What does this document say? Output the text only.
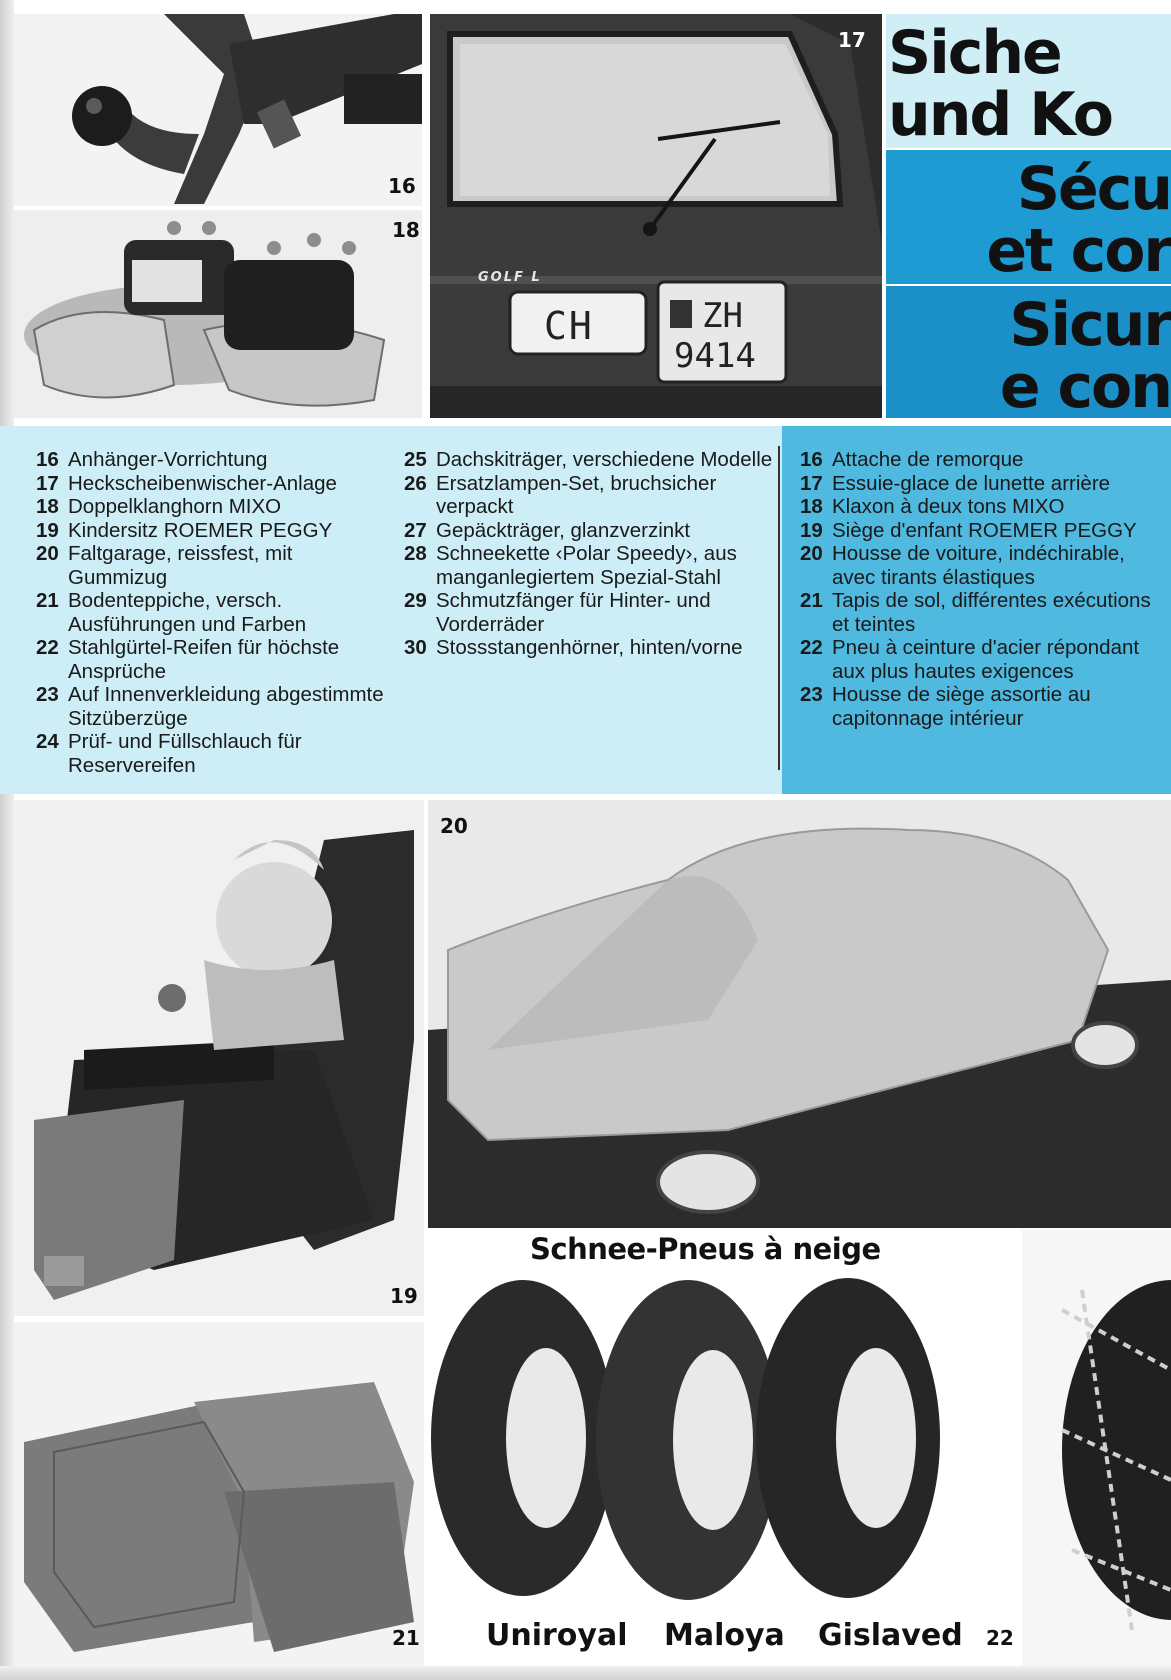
16
18
17
GOLF L
CH	ZH
9414
Siche
und Ko
Sécu
et cor
Sicur
e con
16 Anhänger-Vorrichtung
17 Heckscheibenwischer-Anlage
18 Doppelklanghorn MIXO
19 Kindersitz ROEMER PEGGY
20 Faltgarage, reissfest, mit Gummizug
21 Bodenteppiche, versch. Ausführungen und Farben
22 Stahlgürtel-Reifen für höchste Ansprüche
23 Auf Innenverkleidung abgestimmte Sitzüberzüge
24 Prüf- und Füllschlauch für Reservereifen
25 Dachskiträger, verschiedene Modelle
26 Ersatzlampen-Set, bruchsicher verpackt
27 Gepäckträger, glanzverzinkt
28 Schneekette ‹Polar Speedy›, aus manganlegiertem Spezial-Stahl
29 Schmutzfänger für Hinter- und Vorderräder
30 Stossstangenhörner, hinten/vorne
16 Attache de remorque
17 Essuie-glace de lunette arrière
18 Klaxon à deux tons MIXO
19 Siège d'enfant ROEMER PEGGY
20 Housse de voiture, indéchirable, avec tirants élastiques
21 Tapis de sol, différentes exécutions et teintes
22 Pneu à ceinture d'acier répondant aux plus hautes exigences
23 Housse de siège assortie au capitonnage intérieur
19
20
21
Schnee-Pneus à neige
Uniroyal Maloya Gislaved 22
